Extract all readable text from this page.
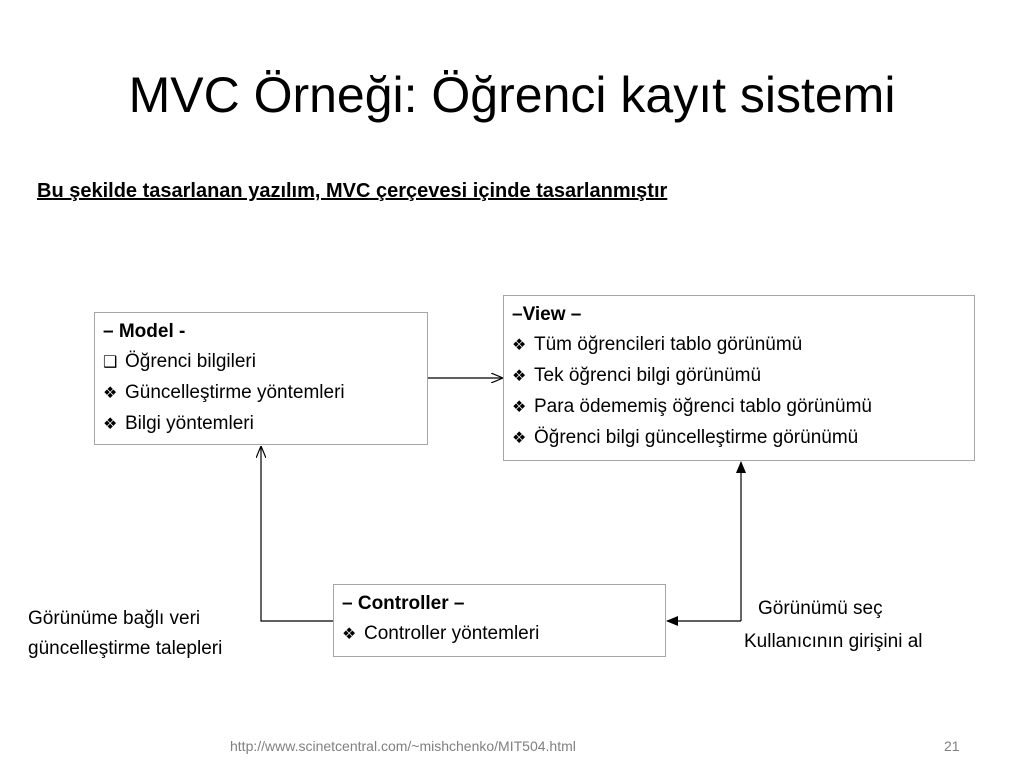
MVC Örneği: Öğrenci kayıt sistemi
Bu şekilde tasarlanan yazılım, MVC çerçevesi içinde tasarlanmıştır
– Model -
❑ Öğrenci bilgileri
❖ Güncelleştirme yöntemleri
❖ Bilgi yöntemleri
–View –
❖ Tüm öğrencileri tablo görünümü
❖ Tek öğrenci bilgi görünümü
❖ Para ödememiş öğrenci tablo görünümü
❖ Öğrenci bilgi güncelleştirme görünümü
– Controller –
❖ Controller yöntemleri
Görünüme bağlı veri
güncelleştirme talepleri
Görünümü seç
Kullanıcının girişini al
http://www.scinetcentral.com/~mishchenko/MIT504.html	21
